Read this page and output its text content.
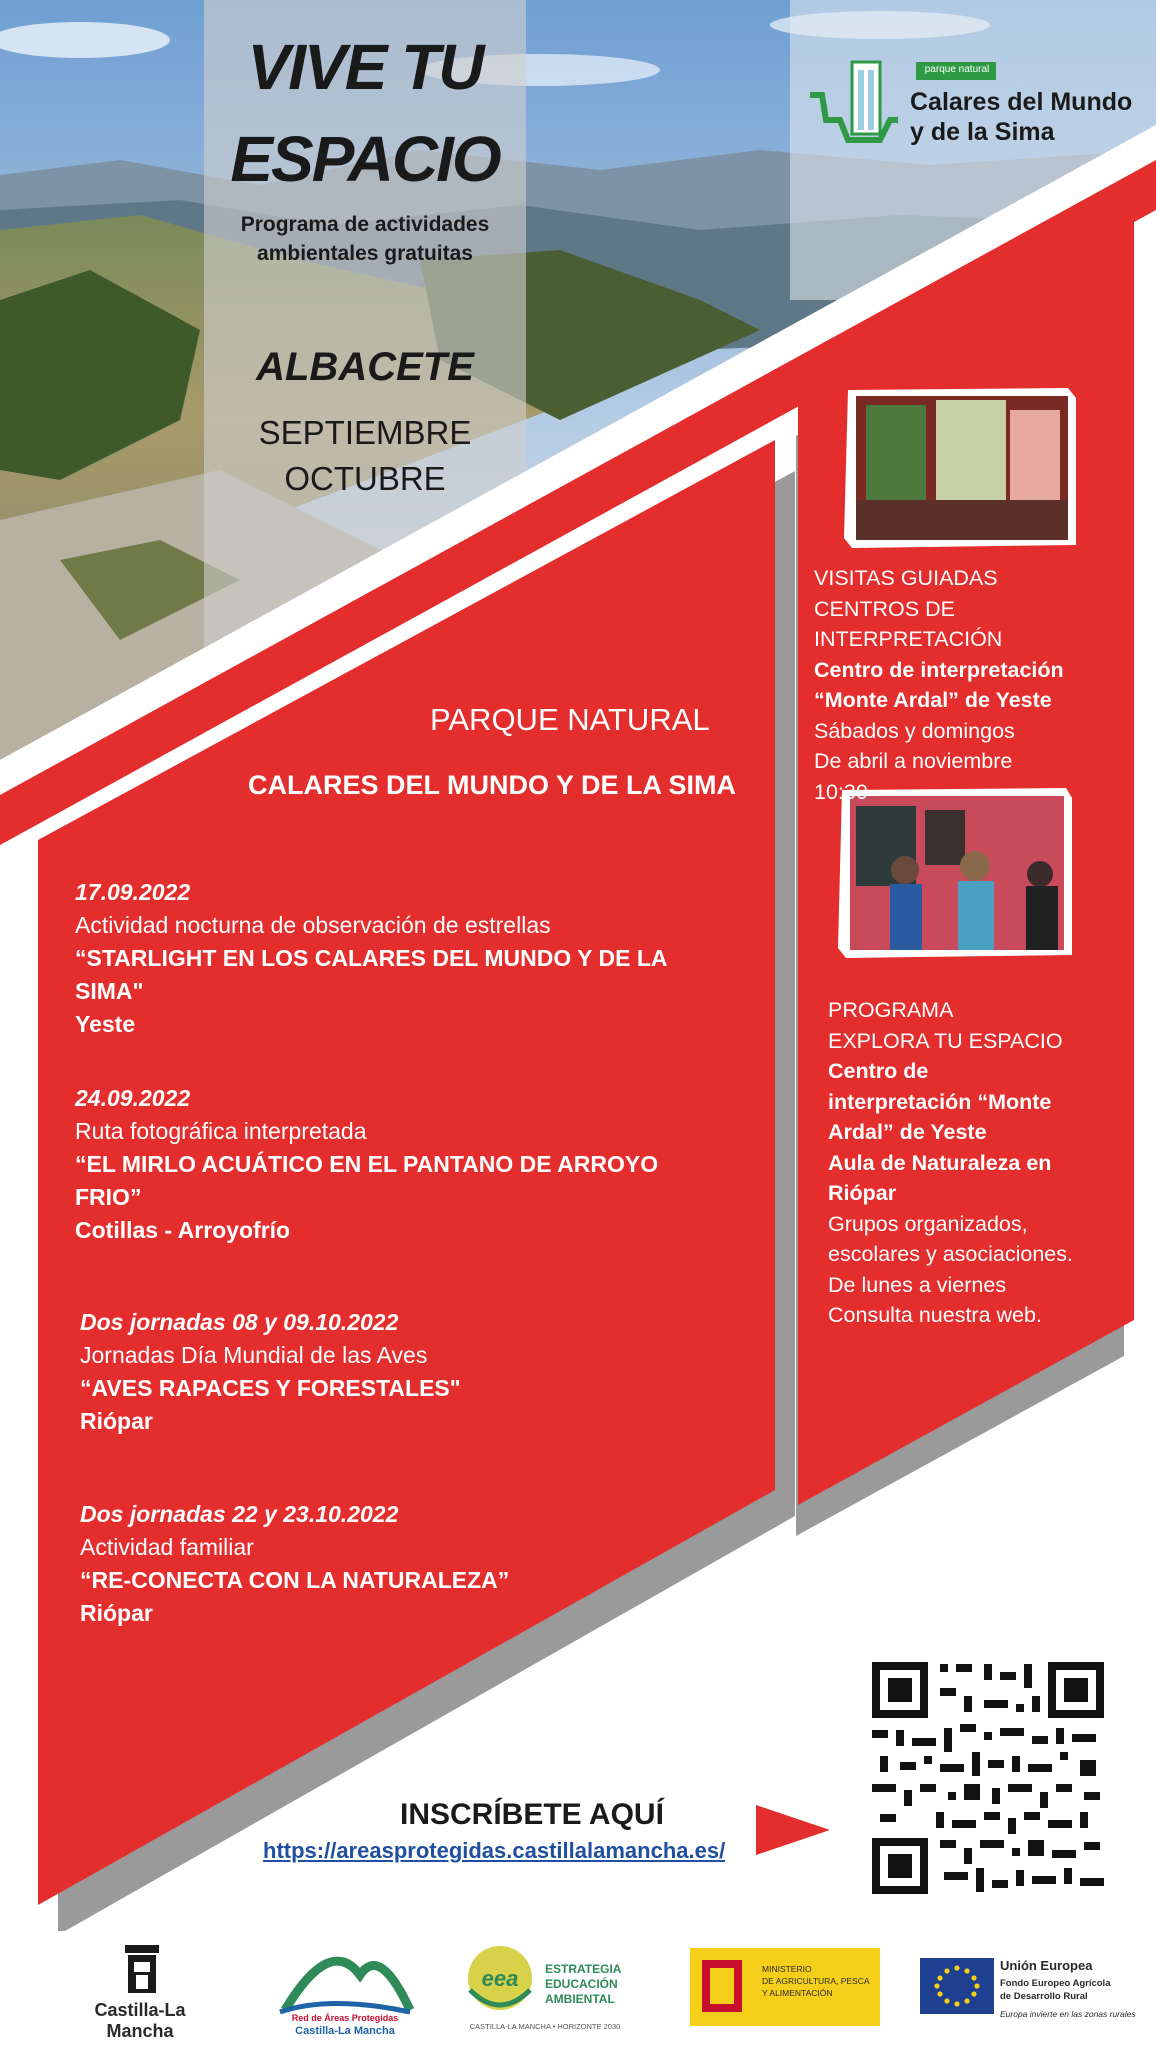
VIVE TU
ESPACIO
Programa de actividades
ambientales gratuitas
ALBACETE
SEPTIEMBRE
OCTUBRE
parque natural
Calares del Mundo
y de la Sima
PARQUE NATURAL
CALARES DEL MUNDO Y DE LA SIMA
17.09.2022
Actividad nocturna de observación de estrellas
“STARLIGHT EN LOS CALARES DEL MUNDO Y DE LA SIMA"
Yeste
24.09.2022
Ruta fotográfica interpretada
“EL MIRLO ACUÁTICO EN EL PANTANO DE ARROYO FRIO”
Cotillas - Arroyofrío
Dos jornadas 08 y 09.10.2022
Jornadas Día Mundial de las Aves
“AVES RAPACES Y FORESTALES"
Riópar
Dos jornadas 22 y 23.10.2022
Actividad familiar
“RE-CONECTA CON LA NATURALEZA”
Riópar
VISITAS GUIADAS
CENTROS DE INTERPRETACIÓN
Centro de interpretación
“Monte Ardal” de Yeste
Sábados y domingos
De abril a noviembre
10:30
PROGRAMA
EXPLORA TU ESPACIO
Centro de
interpretación “Monte
Ardal” de Yeste
Aula de Naturaleza en
Riópar
Grupos organizados,
escolares y asociaciones.
De lunes a viernes
Consulta nuestra web.
INSCRÍBETE AQUÍ
https://areasprotegidas.castillalamancha.es/
Castilla-La Mancha
Red de Áreas Protegidas
Castilla-La Mancha
eea	ESTRATEGIA
EDUCACIÓN
AMBIENTAL
CASTILLA-LA MANCHA • HORIZONTE 2030
MINISTERIO
DE AGRICULTURA, PESCA
Y ALIMENTACIÓN
Unión Europea
Fondo Europeo Agrícola
de Desarrollo Rural
Europa invierte en las zonas rurales
